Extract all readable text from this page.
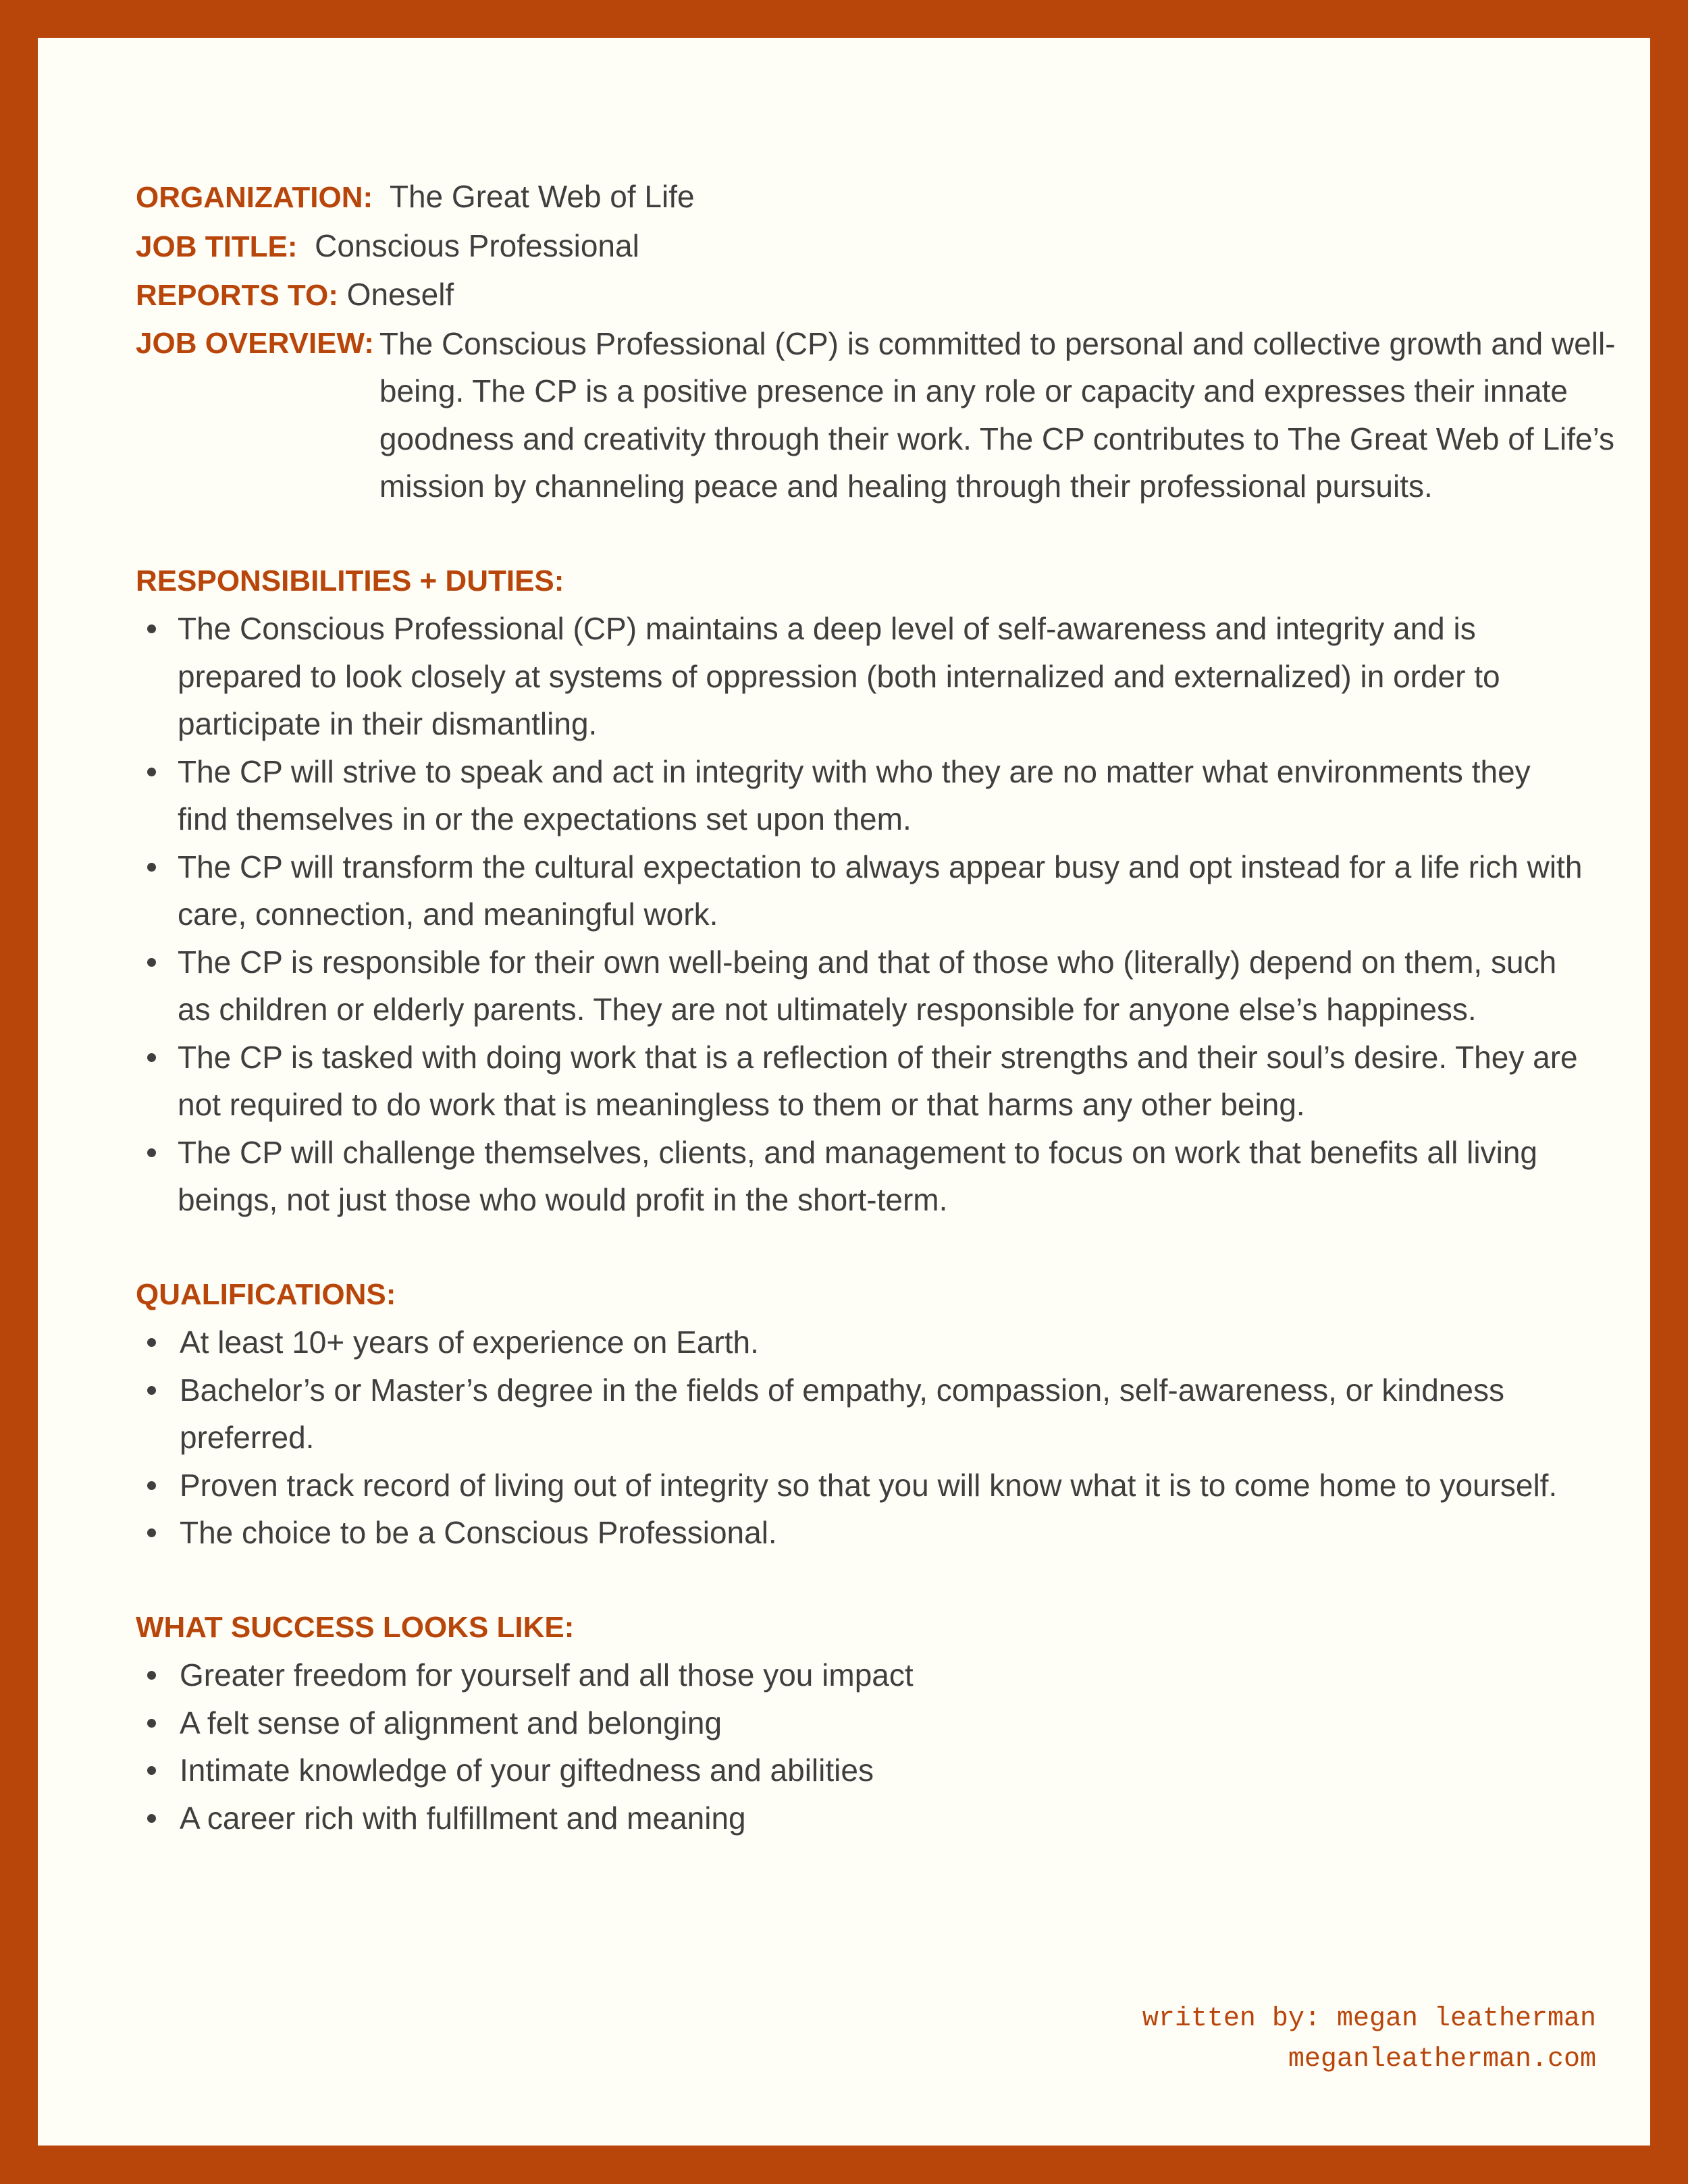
ORGANIZATION: The Great Web of Life
JOB TITLE: Conscious Professional
REPORTS TO: Oneself
JOB OVERVIEW: The Conscious Professional (CP) is committed to personal and collective growth and well-being. The CP is a positive presence in any role or capacity and expresses their innate goodness and creativity through their work. The CP contributes to The Great Web of Life’s mission by channeling peace and healing through their professional pursuits.
RESPONSIBILITIES + DUTIES:
The Conscious Professional (CP) maintains a deep level of self-awareness and integrity and is prepared to look closely at systems of oppression (both internalized and externalized) in order to participate in their dismantling.
The CP will strive to speak and act in integrity with who they are no matter what environments they find themselves in or the expectations set upon them.
The CP will transform the cultural expectation to always appear busy and opt instead for a life rich with care, connection, and meaningful work.
The CP is responsible for their own well-being and that of those who (literally) depend on them, such as children or elderly parents. They are not ultimately responsible for anyone else’s happiness.
The CP is tasked with doing work that is a reflection of their strengths and their soul’s desire. They are not required to do work that is meaningless to them or that harms any other being.
The CP will challenge themselves, clients, and management to focus on work that benefits all living beings, not just those who would profit in the short-term.
QUALIFICATIONS:
At least 10+ years of experience on Earth.
Bachelor’s or Master’s degree in the fields of empathy, compassion, self-awareness, or kindness preferred.
Proven track record of living out of integrity so that you will know what it is to come home to yourself.
The choice to be a Conscious Professional.
WHAT SUCCESS LOOKS LIKE:
Greater freedom for yourself and all those you impact
A felt sense of alignment and belonging
Intimate knowledge of your giftedness and abilities
A career rich with fulfillment and meaning
written by: megan leatherman
meganleatherman.com
